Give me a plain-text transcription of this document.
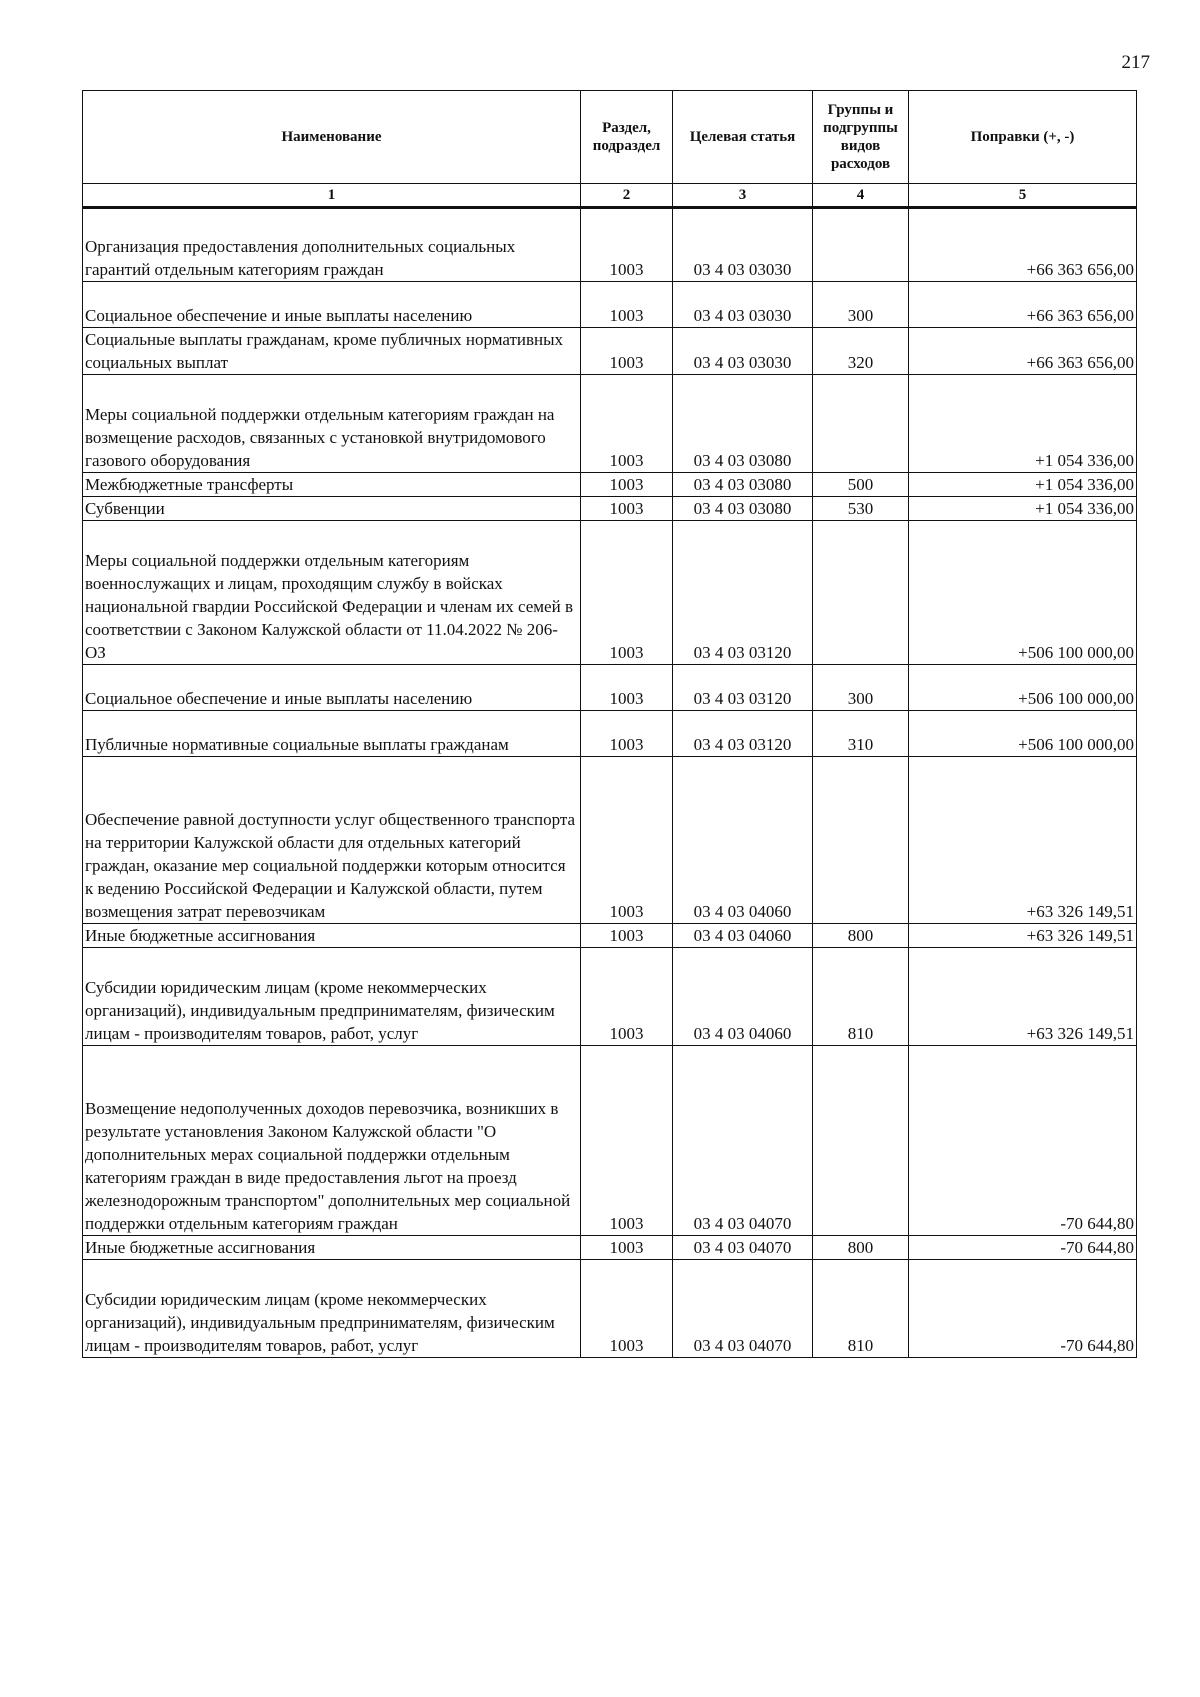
217
Наименование	Раздел, подраздел	Целевая статья	Группы и подгруппы видов расходов	Поправки (+, -)
1	2	3	4	5
Организация предоставления дополнительных социальных гарантий отдельным категориям граждан	1003	03 4 03 03030		+66 363 656,00
Социальное обеспечение и иные выплаты населению	1003	03 4 03 03030	300	+66 363 656,00
Социальные выплаты гражданам, кроме публичных нормативных социальных выплат	1003	03 4 03 03030	320	+66 363 656,00
Меры социальной поддержки отдельным категориям граждан на возмещение расходов, связанных с установкой внутридомового газового оборудования	1003	03 4 03 03080		+1 054 336,00
Межбюджетные трансферты	1003	03 4 03 03080	500	+1 054 336,00
Субвенции	1003	03 4 03 03080	530	+1 054 336,00
Меры социальной поддержки отдельным категориям военнослужащих и лицам, проходящим службу в войсках национальной гвардии Российской Федерации и членам их семей в соответствии с Законом Калужской области от 11.04.2022 № 206-ОЗ	1003	03 4 03 03120		+506 100 000,00
Социальное обеспечение и иные выплаты населению	1003	03 4 03 03120	300	+506 100 000,00
Публичные нормативные социальные выплаты гражданам	1003	03 4 03 03120	310	+506 100 000,00
Обеспечение равной доступности услуг общественного транспорта на территории Калужской области для отдельных категорий граждан, оказание мер социальной поддержки которым относится к ведению Российской Федерации и Калужской области, путем возмещения затрат перевозчикам	1003	03 4 03 04060		+63 326 149,51
Иные бюджетные ассигнования	1003	03 4 03 04060	800	+63 326 149,51
Субсидии юридическим лицам (кроме некоммерческих организаций), индивидуальным предпринимателям, физическим лицам - производителям товаров, работ, услуг	1003	03 4 03 04060	810	+63 326 149,51
Возмещение недополученных доходов перевозчика, возникших в результате установления Законом Калужской области "О дополнительных мерах социальной поддержки отдельным категориям граждан в виде предоставления льгот на проезд железнодорожным транспортом" дополнительных мер социальной поддержки отдельным категориям граждан	1003	03 4 03 04070		-70 644,80
Иные бюджетные ассигнования	1003	03 4 03 04070	800	-70 644,80
Субсидии юридическим лицам (кроме некоммерческих организаций), индивидуальным предпринимателям, физическим лицам - производителям товаров, работ, услуг	1003	03 4 03 04070	810	-70 644,80
